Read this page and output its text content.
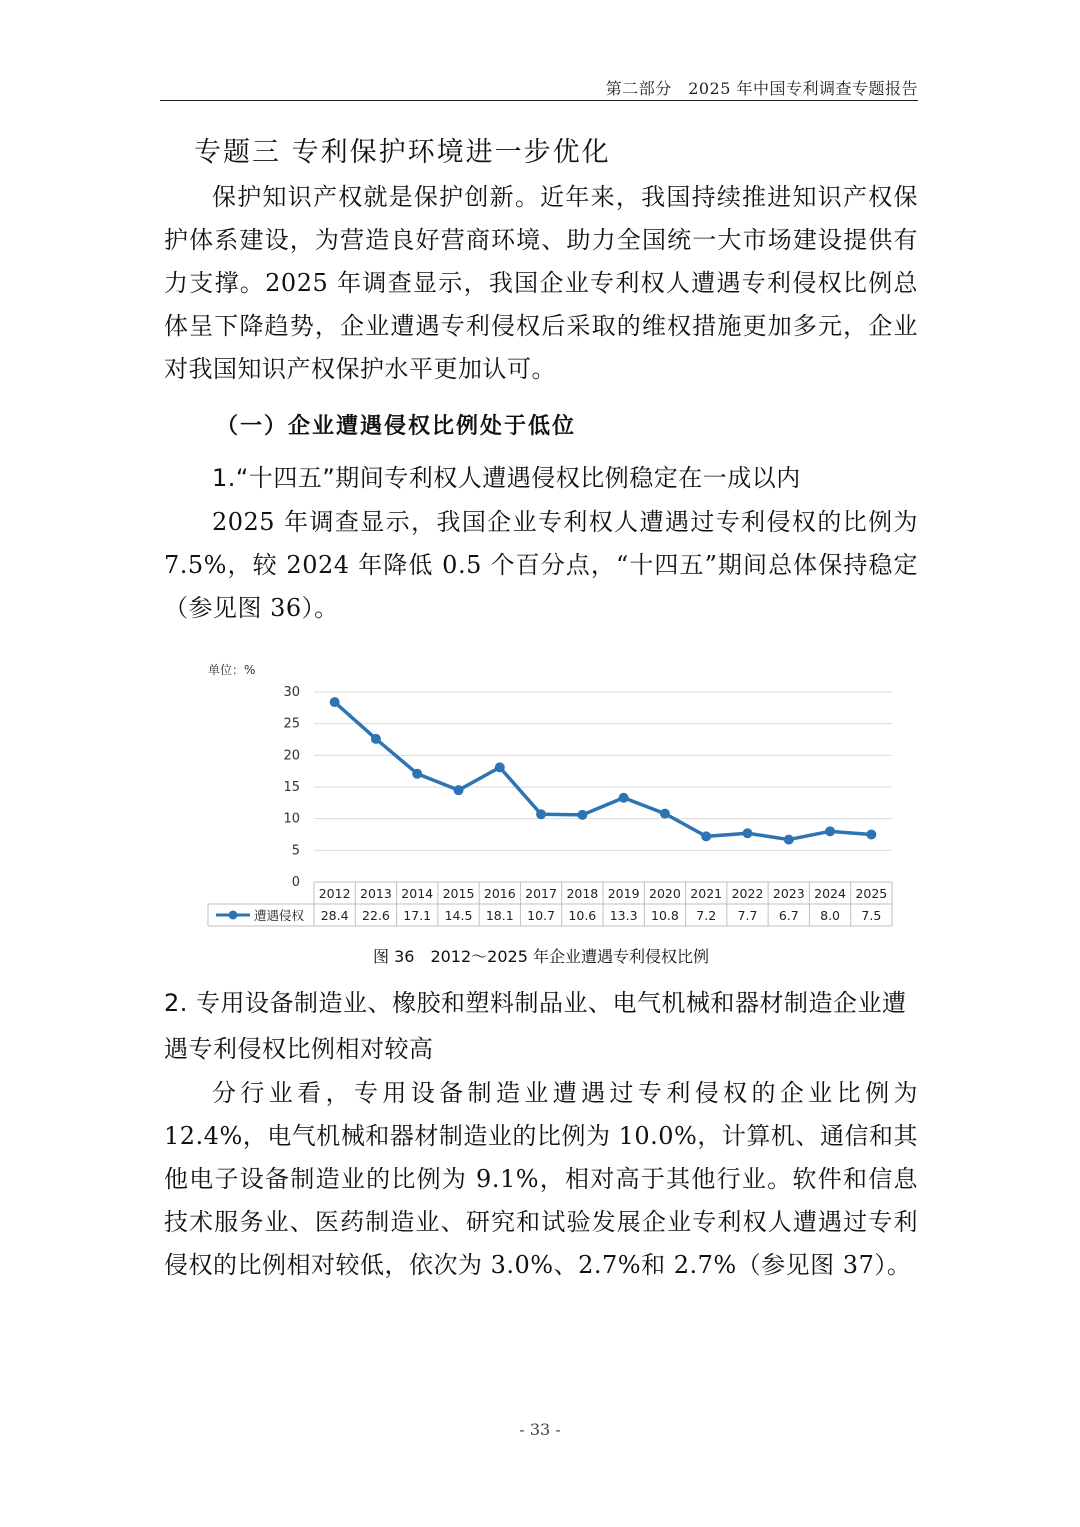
第二部分　2025 年中国专利调查专题报告
专题三 专利保护环境进一步优化

保护知识产权就是保护创新。近年来，我国持续推进知识产权保护体系建设，为营造良好营商环境、助力全国统一大市场建设提供有力支撑。2025 年调查显示，我国企业专利权人遭遇专利侵权比例总体呈下降趋势，企业遭遇专利侵权后采取的维权措施更加多元，企业对我国知识产权保护水平更加认可。

（一）企业遭遇侵权比例处于低位
1.“十四五”期间专利权人遭遇侵权比例稳定在一成以内

2025 年调查显示，我国企业专利权人遭遇过专利侵权的比例为 7.5%，较 2024 年降低 0.5 个百分点，“十四五”期间总体保持稳定（参见图 36）。

单位：%
0
5
10
15
20
25
30
2012
28.4
2013
22.6
2014
17.1
2015
14.5
2016
18.1
2017
10.7
2018
10.6
2019
13.3
2020
10.8
2021
7.2
2022
7.7
2023
6.7
2024
8.0
2025
7.5
遭遇侵权
图 36　2012～2025 年企业遭遇专利侵权比例
2. 专用设备制造业、橡胶和塑料制品业、电气机械和器材制造企业遭遇专利侵权比例相对较高

分行业看，专用设备制造业遭遇过专利侵权的企业比例为 12.4%，电气机械和器材制造业的比例为 10.0%，计算机、通信和其他电子设备制造业的比例为 9.1%，相对高于其他行业。软件和信息技术服务业、医药制造业、研究和试验发展企业专利权人遭遇过专利侵权的比例相对较低，依次为 3.0%、2.7%和 2.7%（参见图 37）。

- 33 -
